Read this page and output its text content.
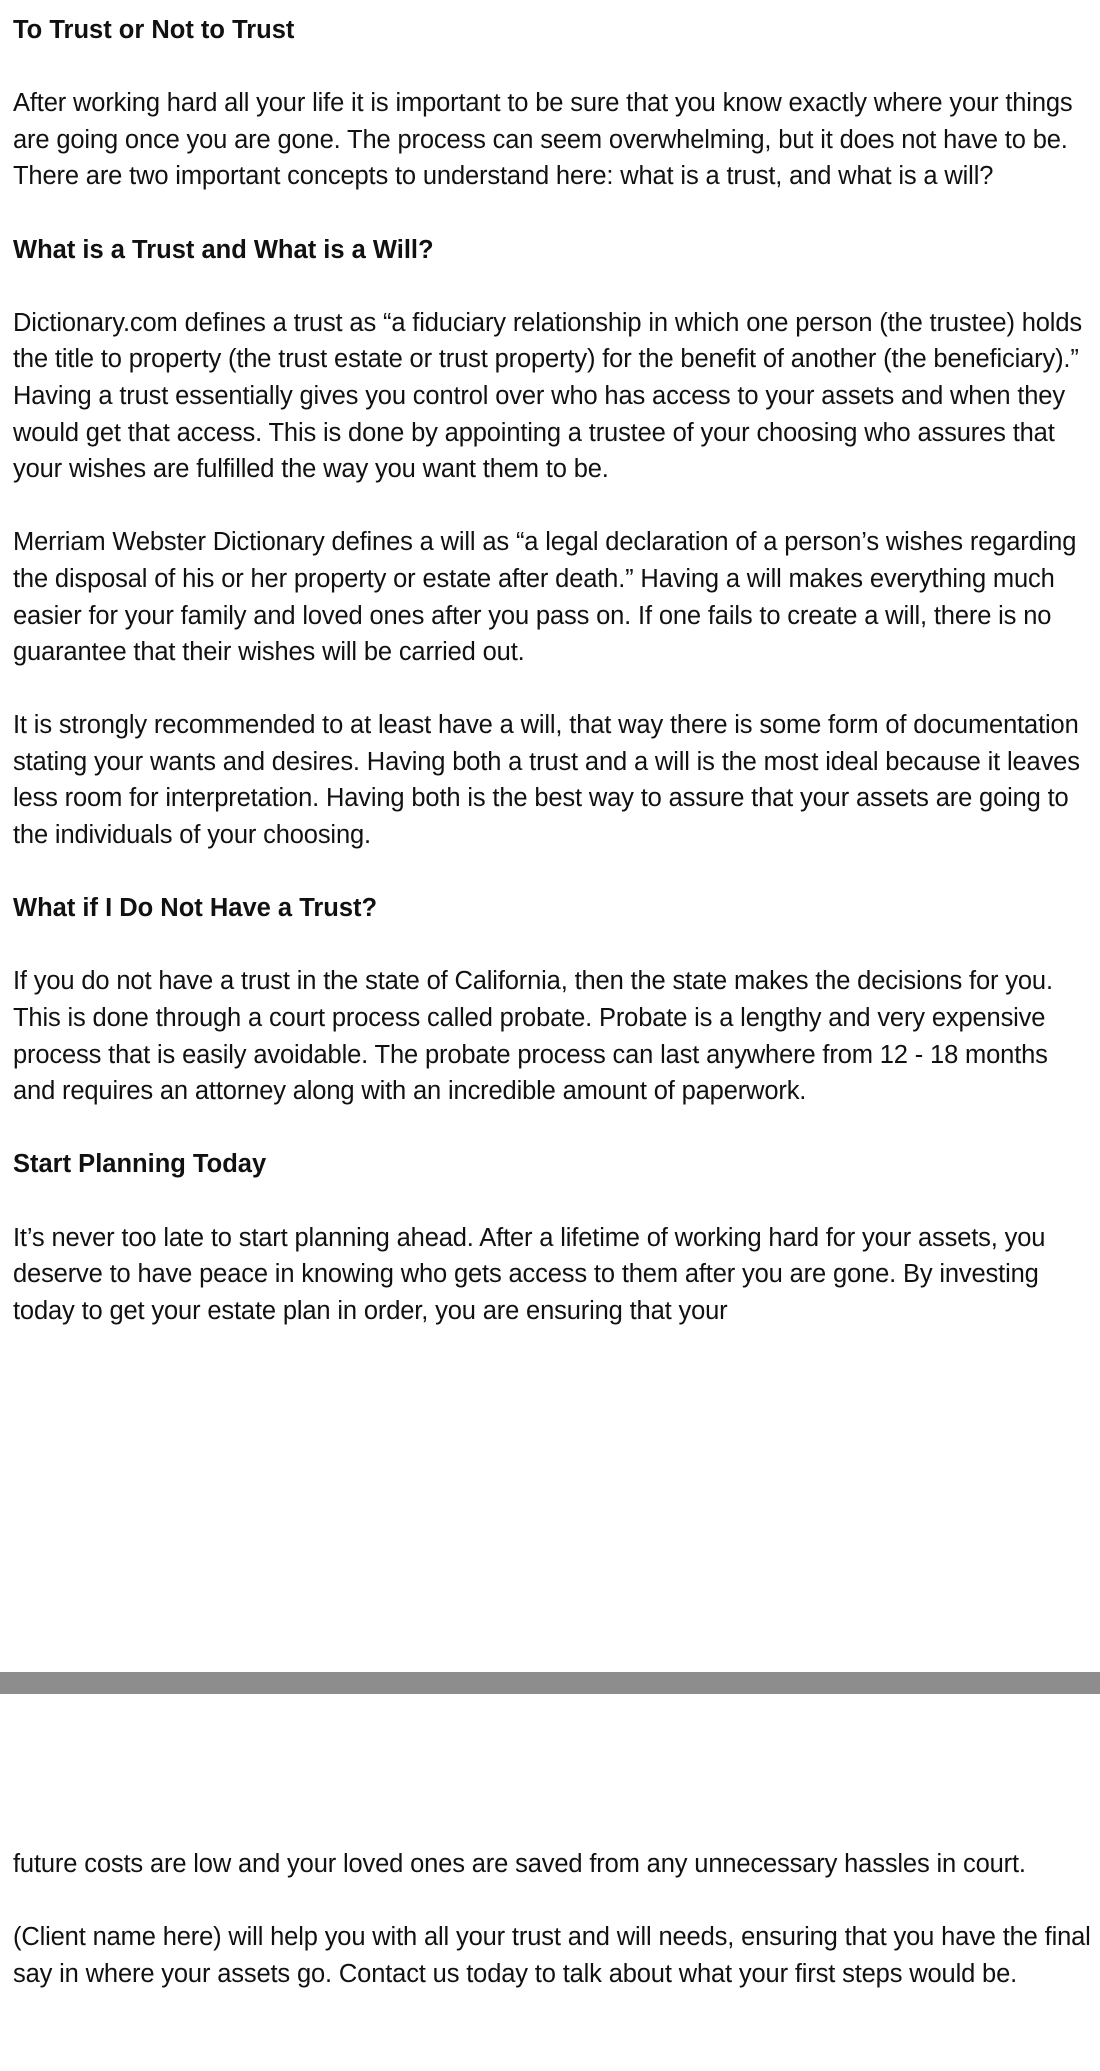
To Trust or Not to Trust
After working hard all your life it is important to be sure that you know exactly where your things are going once you are gone. The process can seem overwhelming, but it does not have to be. There are two important concepts to understand here: what is a trust, and what is a will?
What is a Trust and What is a Will?
Dictionary.com defines a trust as “a fiduciary relationship in which one person (the trustee) holds the title to property (the trust estate or trust property) for the benefit of another (the beneficiary).” Having a trust essentially gives you control over who has access to your assets and when they would get that access. This is done by appointing a trustee of your choosing who assures that your wishes are fulfilled the way you want them to be.
Merriam Webster Dictionary defines a will as “a legal declaration of a person’s wishes regarding the disposal of his or her property or estate after death.” Having a will makes everything much easier for your family and loved ones after you pass on. If one fails to create a will, there is no guarantee that their wishes will be carried out.
It is strongly recommended to at least have a will, that way there is some form of documentation stating your wants and desires. Having both a trust and a will is the most ideal because it leaves less room for interpretation. Having both is the best way to assure that your assets are going to the individuals of your choosing.
What if I Do Not Have a Trust?
If you do not have a trust in the state of California, then the state makes the decisions for you. This is done through a court process called probate. Probate is a lengthy and very expensive process that is easily avoidable. The probate process can last anywhere from 12 - 18 months and requires an attorney along with an incredible amount of paperwork.
Start Planning Today
It’s never too late to start planning ahead. After a lifetime of working hard for your assets, you deserve to have peace in knowing who gets access to them after you are gone. By investing today to get your estate plan in order, you are ensuring that your
future costs are low and your loved ones are saved from any unnecessary hassles in court.
(Client name here) will help you with all your trust and will needs, ensuring that you have the final say in where your assets go. Contact us today to talk about what your first steps would be.
